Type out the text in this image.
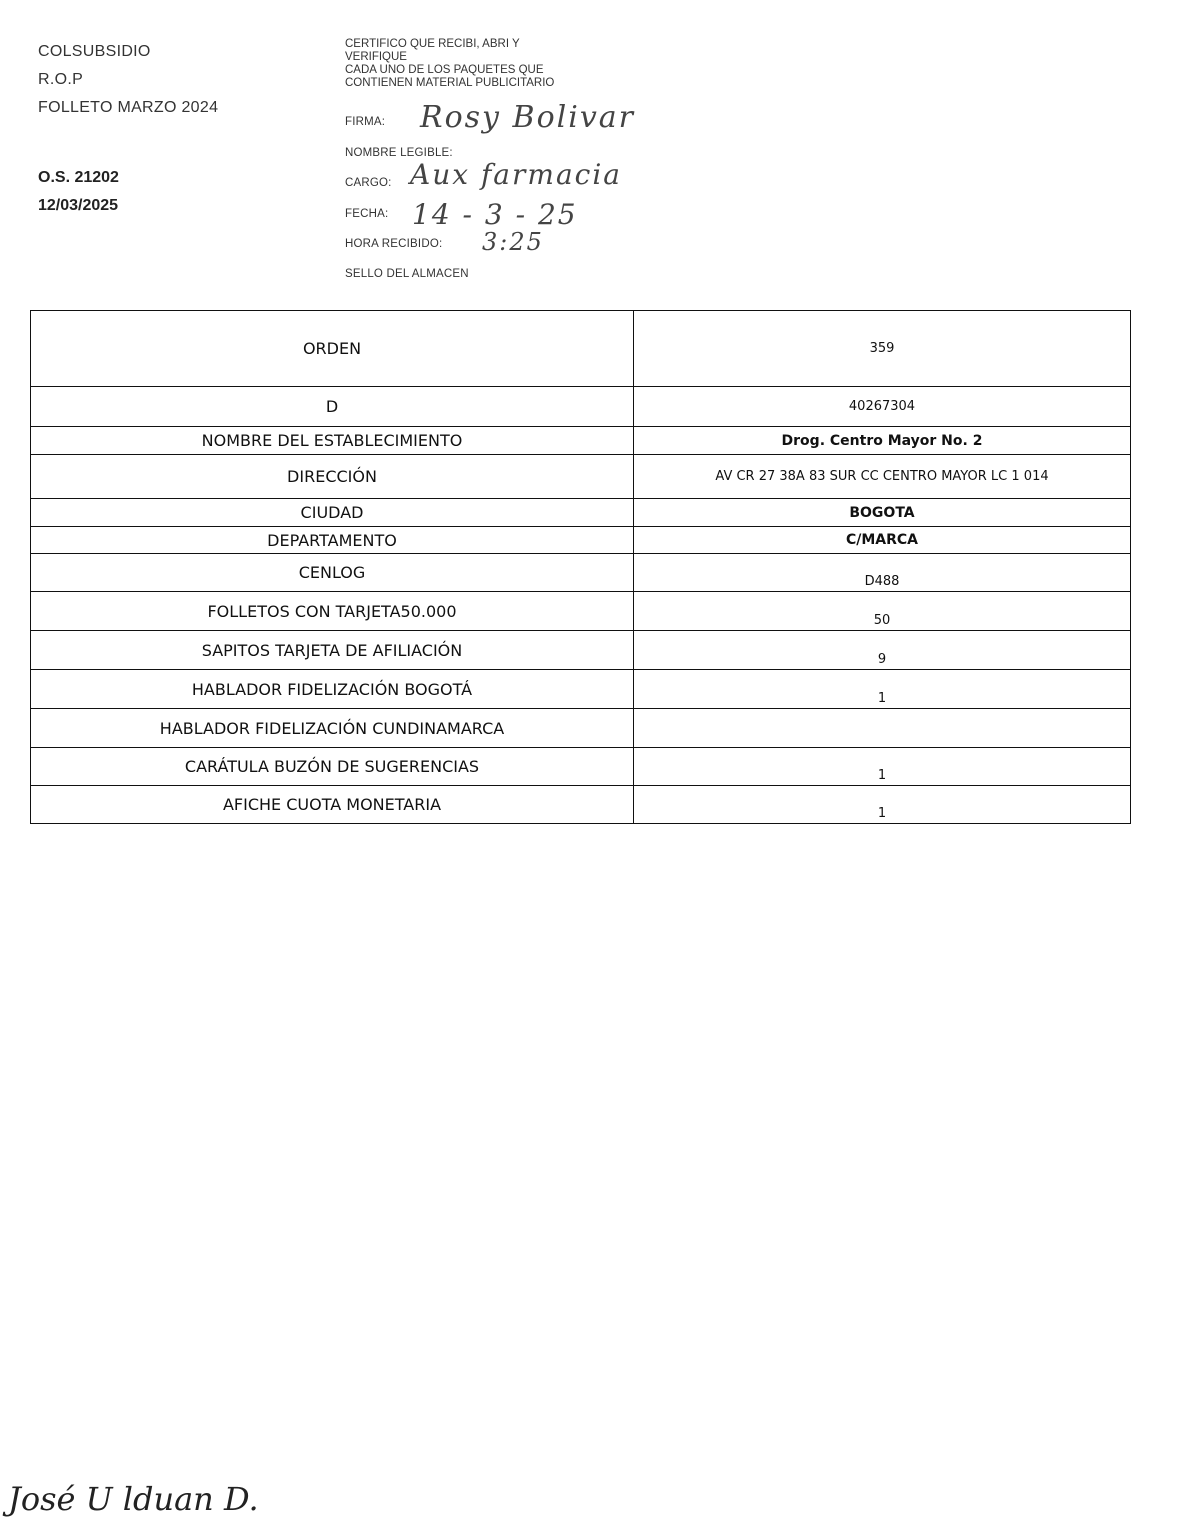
COLSUBSIDIO
R.O.P
FOLLETO MARZO 2024
O.S. 21202
12/03/2025
CERTIFICO QUE RECIBI, ABRI Y
VERIFIQUE
CADA UNO DE LOS PAQUETES QUE
CONTIENEN MATERIAL PUBLICITARIO
FIRMA: Rosy Bolivar
NOMBRE LEGIBLE:
CARGO: Aux farmacia
FECHA: 14 - 3 - 25
HORA RECIBIDO: 3:25
SELLO DEL ALMACEN
ORDEN	359
D	40267304
NOMBRE DEL ESTABLECIMIENTO	Drog. Centro Mayor No. 2
DIRECCIÓN	AV CR 27 38A 83 SUR CC CENTRO MAYOR LC 1 014
CIUDAD	BOGOTA
DEPARTAMENTO	C/MARCA
CENLOG	D488
FOLLETOS CON TARJETA50.000	50
SAPITOS TARJETA DE AFILIACIÓN	9
HABLADOR FIDELIZACIÓN BOGOTÁ	1
HABLADOR FIDELIZACIÓN CUNDINAMARCA	
CARÁTULA BUZÓN DE SUGERENCIAS	1
AFICHE CUOTA MONETARIA	1
José U lduan D.
